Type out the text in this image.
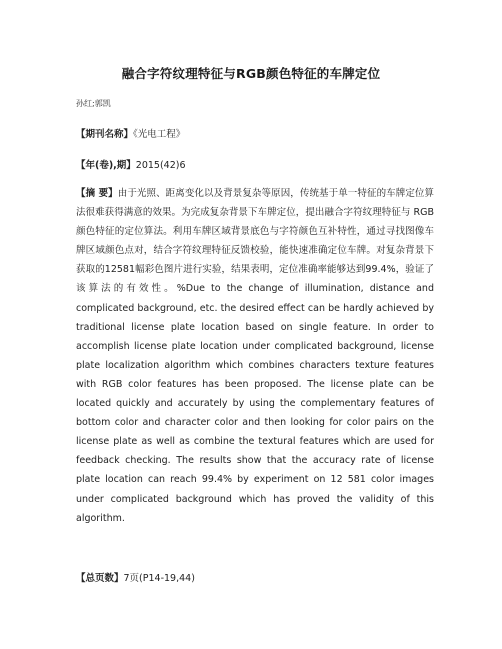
融合字符纹理特征与RGB颜色特征的车牌定位
孙红;郭凯
【期刊名称】《光电工程》
【年(卷),期】2015(42)6
【摘 要】由于光照、距离变化以及背景复杂等原因，传统基于单一特征的车牌定位算法很难获得满意的效果。为完成复杂背景下车牌定位，提出融合字符纹理特征与 RGB 颜色特征的定位算法。利用车牌区域背景底色与字符颜色互补特性，通过寻找图像车牌区域颜色点对，结合字符纹理特征反馈校验，能快速准确定位车牌。对复杂背景下获取的12581幅彩色图片进行实验，结果表明，定位准确率能够达到99.4%，验证了该算法的有效性。%Due to the change of illumination, distance and complicated background, etc. the desired effect can be hardly achieved by traditional license plate location based on single feature. In order to accomplish license plate location under complicated background, license plate localization algorithm which combines characters texture features with RGB color features has been proposed. The license plate can be located quickly and accurately by using the complementary features of bottom color and character color and then looking for color pairs on the license plate as well as combine the textural features which are used for feedback checking. The results show that the accuracy rate of license plate location can reach 99.4% by experiment on 12 581 color images under complicated background which has proved the validity of this algorithm.
【总页数】7页(P14-19,44)
